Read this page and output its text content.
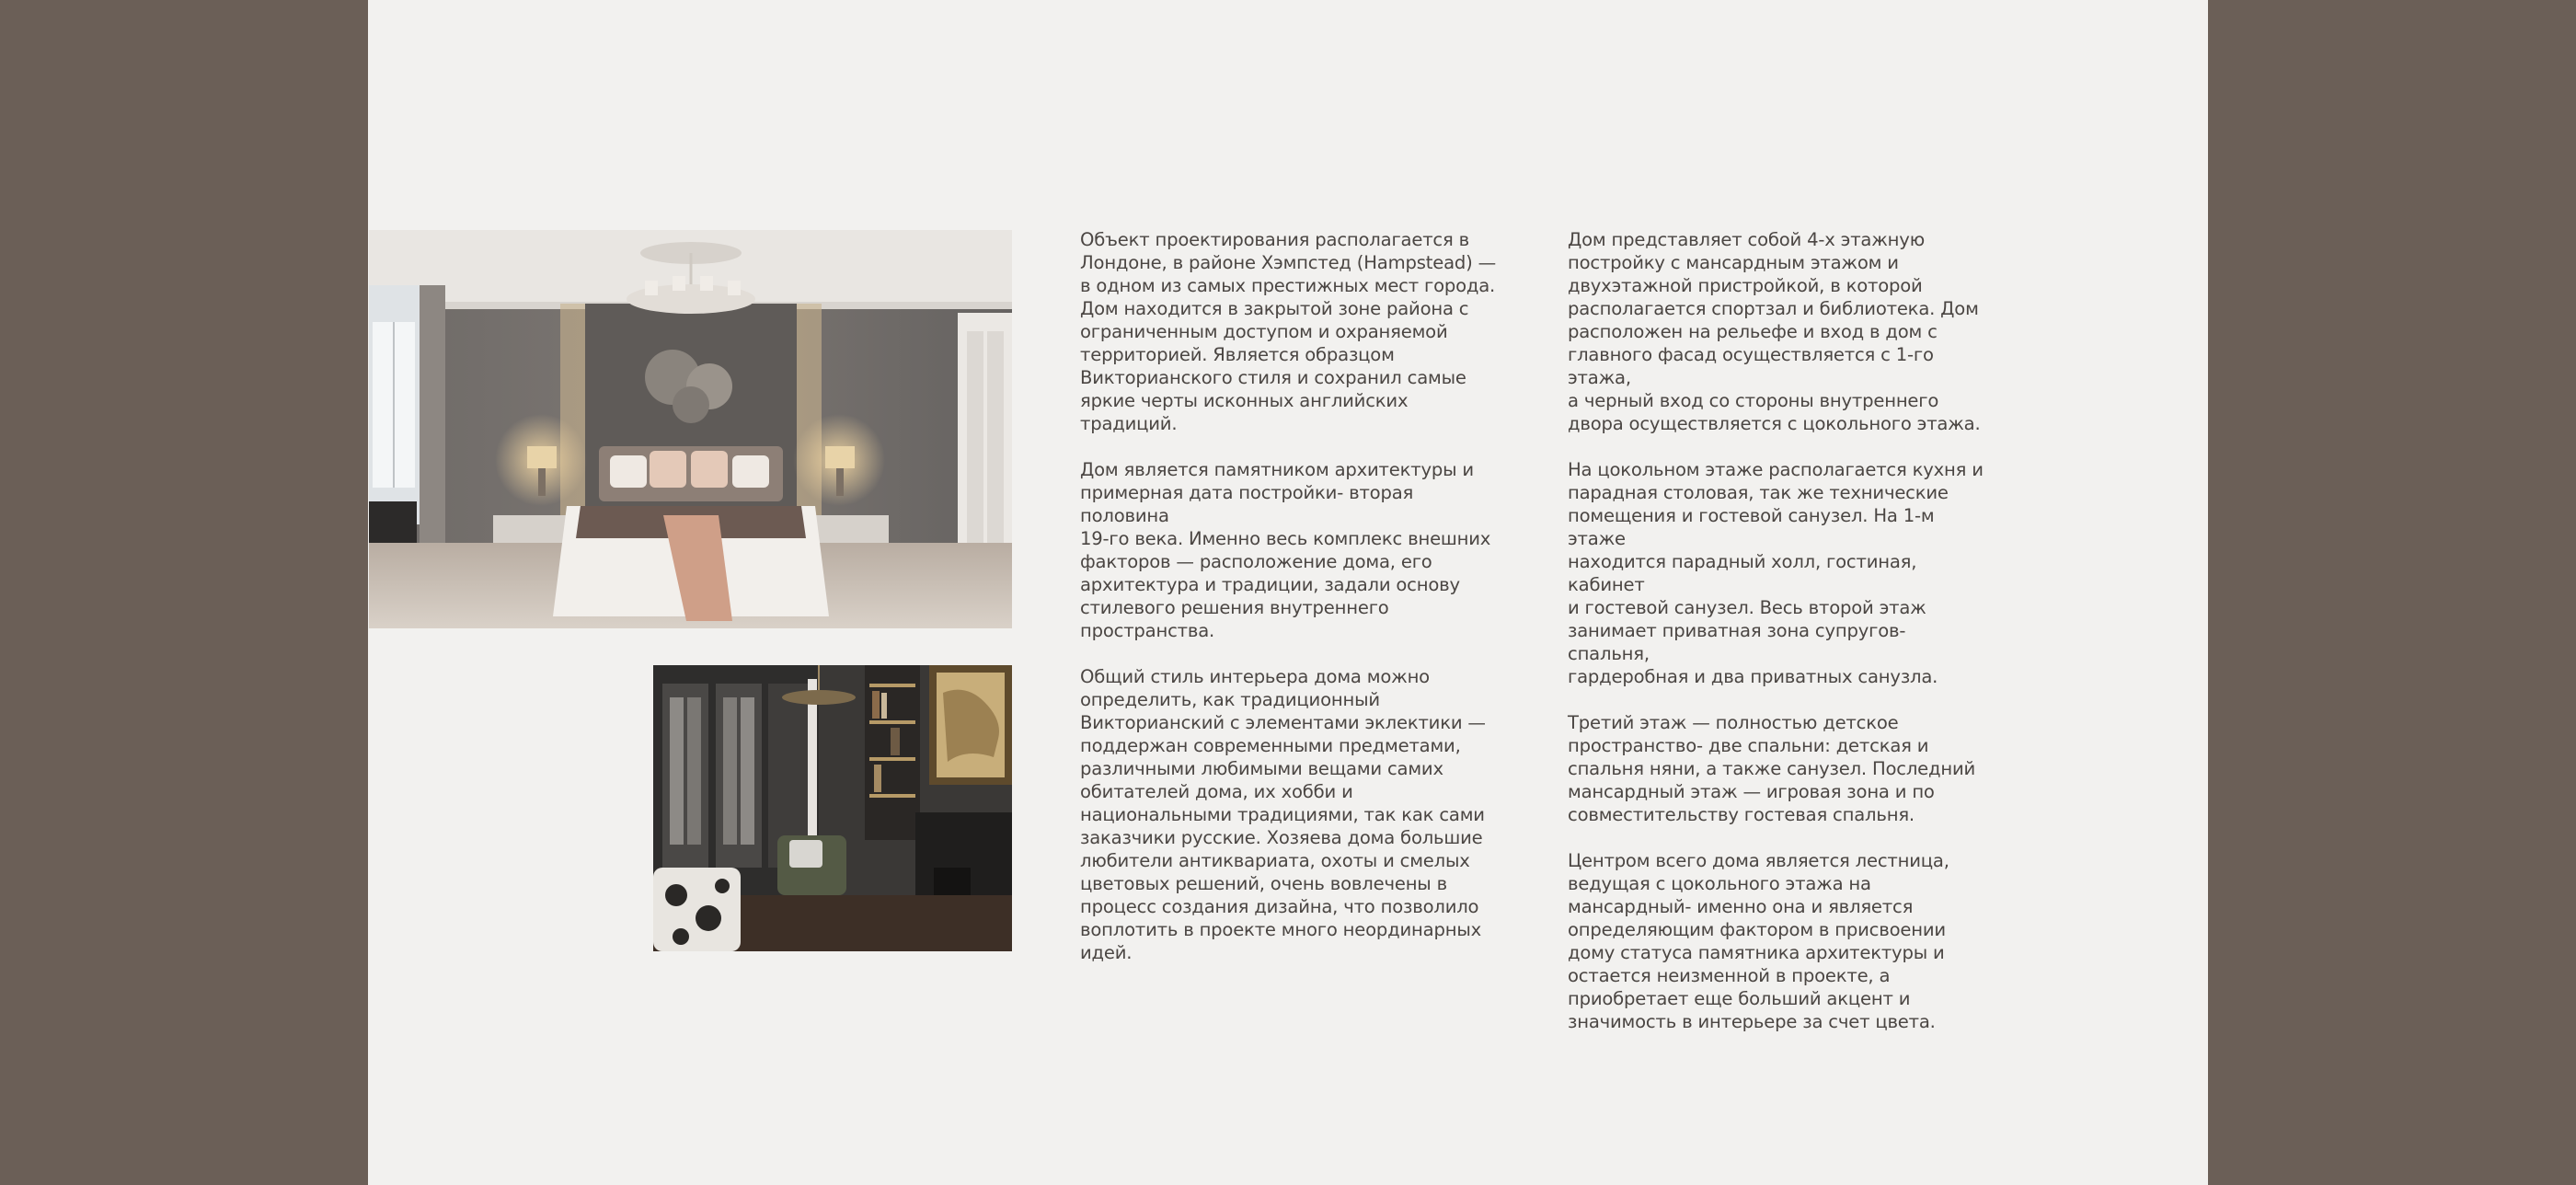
Объект проектирования располагается в
Лондоне, в районе Хэмпстед (Hampstead) —
в одном из самых престижных мест города.
Дом находится в закрытой зоне района с
ограниченным доступом и охраняемой
территорией. Является образцом
Викторианского стиля и сохранил самые
яркие черты исконных английских
традиций.

Дом является памятником архитектуры и
примерная дата постройки- вторая половина
19-го века. Именно весь комплекс внешних
факторов — расположение дома, его
архитектура и традиции, задали основу
стилевого решения внутреннего
пространства.

Общий стиль интерьера дома можно
определить, как традиционный
Викторианский с элементами эклектики —
поддержан современными предметами,
различными любимыми вещами самих
обитателей дома, их хобби и
национальными традициями, так как сами
заказчики русские. Хозяева дома большие
любители антиквариата, охоты и смелых
цветовых решений, очень вовлечены в
процесс создания дизайна, что позволило
воплотить в проекте много неординарных
идей.

Дом представляет собой 4-х этажную
постройку с мансардным этажом и
двухэтажной пристройкой, в которой
располагается спортзал и библиотека. Дом
расположен на рельефе и вход в дом с
главного фасад осуществляется с 1-го этажа,
а черный вход со стороны внутреннего
двора осуществляется с цокольного этажа.

На цокольном этаже располагается кухня и
парадная столовая, так же технические
помещения и гостевой санузел. На 1-м этаже
находится парадный холл, гостиная, кабинет
и гостевой санузел. Весь второй этаж
занимает приватная зона супругов- спальня,
гардеробная и два приватных санузла.

Третий этаж — полностью детское
пространство- две спальни: детская и
спальня няни, а также санузел. Последний
мансардный этаж — игровая зона и по
совместительству гостевая спальня.

Центром всего дома является лестница,
ведущая с цокольного этажа на
мансардный- именно она и является
определяющим фактором в присвоении
дому статуса памятника архитектуры и
остается неизменной в проекте, а
приобретает еще больший акцент и
значимость в интерьере за счет цвета.
